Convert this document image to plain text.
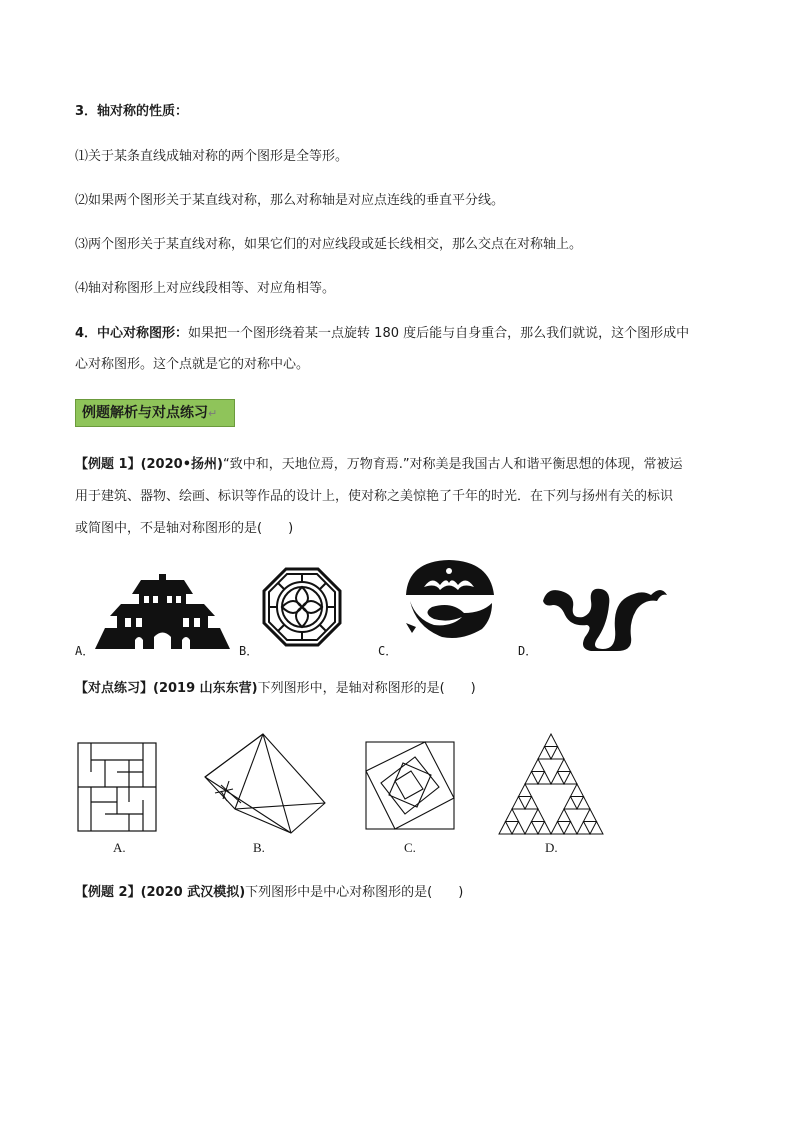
3．轴对称的性质：
⑴关于某条直线成轴对称的两个图形是全等形。
⑵如果两个图形关于某直线对称，那么对称轴是对应点连线的垂直平分线。
⑶两个图形关于某直线对称，如果它们的对应线段或延长线相交，那么交点在对称轴上。
⑷轴对称图形上对应线段相等、对应角相等。
4．中心对称图形：如果把一个图形绕着某一点旋转 180 度后能与自身重合，那么我们就说，这个图形成中
心对称图形。这个点就是它的对称中心。
例题解析与对点练习↵
【例题 1】(2020•扬州)“致中和，天地位焉，万物育焉.”对称美是我国古人和谐平衡思想的体现，常被运
用于建筑、器物、绘画、标识等作品的设计上，使对称之美惊艳了千年的时光．在下列与扬州有关的标识
或简图中，不是轴对称图形的是(　　)
A．	B．	C．	D．
【对点练习】(2019 山东东营)下列图形中，是轴对称图形的是(　　)
A.	B.	C.	D.
【例题 2】(2020 武汉模拟)下列图形中是中心对称图形的是(　　)
